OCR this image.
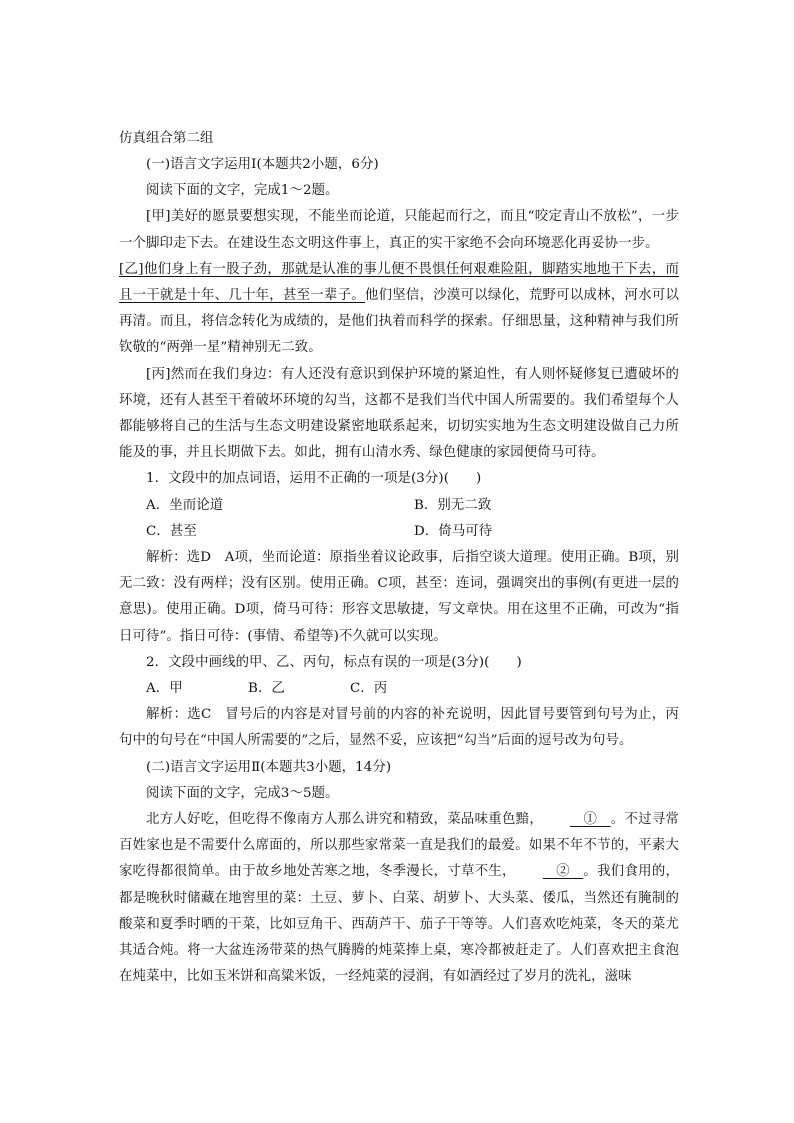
仿真组合第二组

(一)语言文字运用Ⅰ(本题共2小题，6分)

阅读下面的文字，完成1～2题。

[甲]美好的愿景要想实现，不能坐而论道，只能起而行之，而且“咬定青山不放松”，一步一个脚印走下去。在建设生态文明这件事上，真正的实干家绝不会向环境恶化再妥协一步。

[乙]他们身上有一股子劲，那就是认准的事儿便不畏惧任何艰难险阻，脚踏实地地干下去，而且一干就是十年、几十年，甚至一辈子。他们坚信，沙漠可以绿化，荒野可以成林，河水可以再清。而且，将信念转化为成绩的，是他们执着而科学的探索。仔细思量，这种精神与我们所钦敬的“两弹一星”精神别无二致。

[丙]然而在我们身边：有人还没有意识到保护环境的紧迫性，有人则怀疑修复已遭破坏的环境，还有人甚至干着破坏环境的勾当，这都不是我们当代中国人所需要的。我们希望每个人都能够将自己的生活与生态文明建设紧密地联系起来，切切实实地为生态文明建设做自己力所能及的事，并且长期做下去。如此，拥有山清水秀、绿色健康的家园便倚马可待。

1．文段中的加点词语，运用不正确的一项是(3分)(　　)

A．坐而论道	B．别无二致
C．甚至	D．倚马可待

解析：选D　A项，坐而论道：原指坐着议论政事，后指空谈大道理。使用正确。B项，别无二致：没有两样；没有区别。使用正确。C项，甚至：连词，强调突出的事例(有更进一层的意思)。使用正确。D项，倚马可待：形容文思敏捷，写文章快。用在这里不正确，可改为“指日可待”。指日可待：(事情、希望等)不久就可以实现。

2．文段中画线的甲、乙、丙句，标点有误的一项是(3分)(　　)

A．甲	B．乙	C．丙

解析：选C　冒号后的内容是对冒号前的内容的补充说明，因此冒号要管到句号为止，丙句中的句号在“中国人所需要的”之后，显然不妥，应该把“勾当”后面的逗号改为句号。

(二)语言文字运用Ⅱ(本题共3小题，14分)

阅读下面的文字，完成3～5题。

北方人好吃，但吃得不像南方人那么讲究和精致，菜品味重色黯，　①　。不过寻常百姓家也是不需要什么席面的，所以那些家常菜一直是我们的最爱。如果不年不节的，平素大家吃得都很简单。由于故乡地处苦寒之地，冬季漫长，寸草不生，　②　。我们食用的，都是晚秋时储藏在地窖里的菜：土豆、萝卜、白菜、胡萝卜、大头菜、倭瓜，当然还有腌制的酸菜和夏季时晒的干菜，比如豆角干、西葫芦干、茄子干等等。人们喜欢吃炖菜，冬天的菜尤其适合炖。将一大盆连汤带菜的热气腾腾的炖菜捧上桌，寒冷都被赶走了。人们喜欢把主食泡在炖菜中，比如玉米饼和高粱米饭，一经炖菜的浸润，有如酒经过了岁月的洗礼，滋味
